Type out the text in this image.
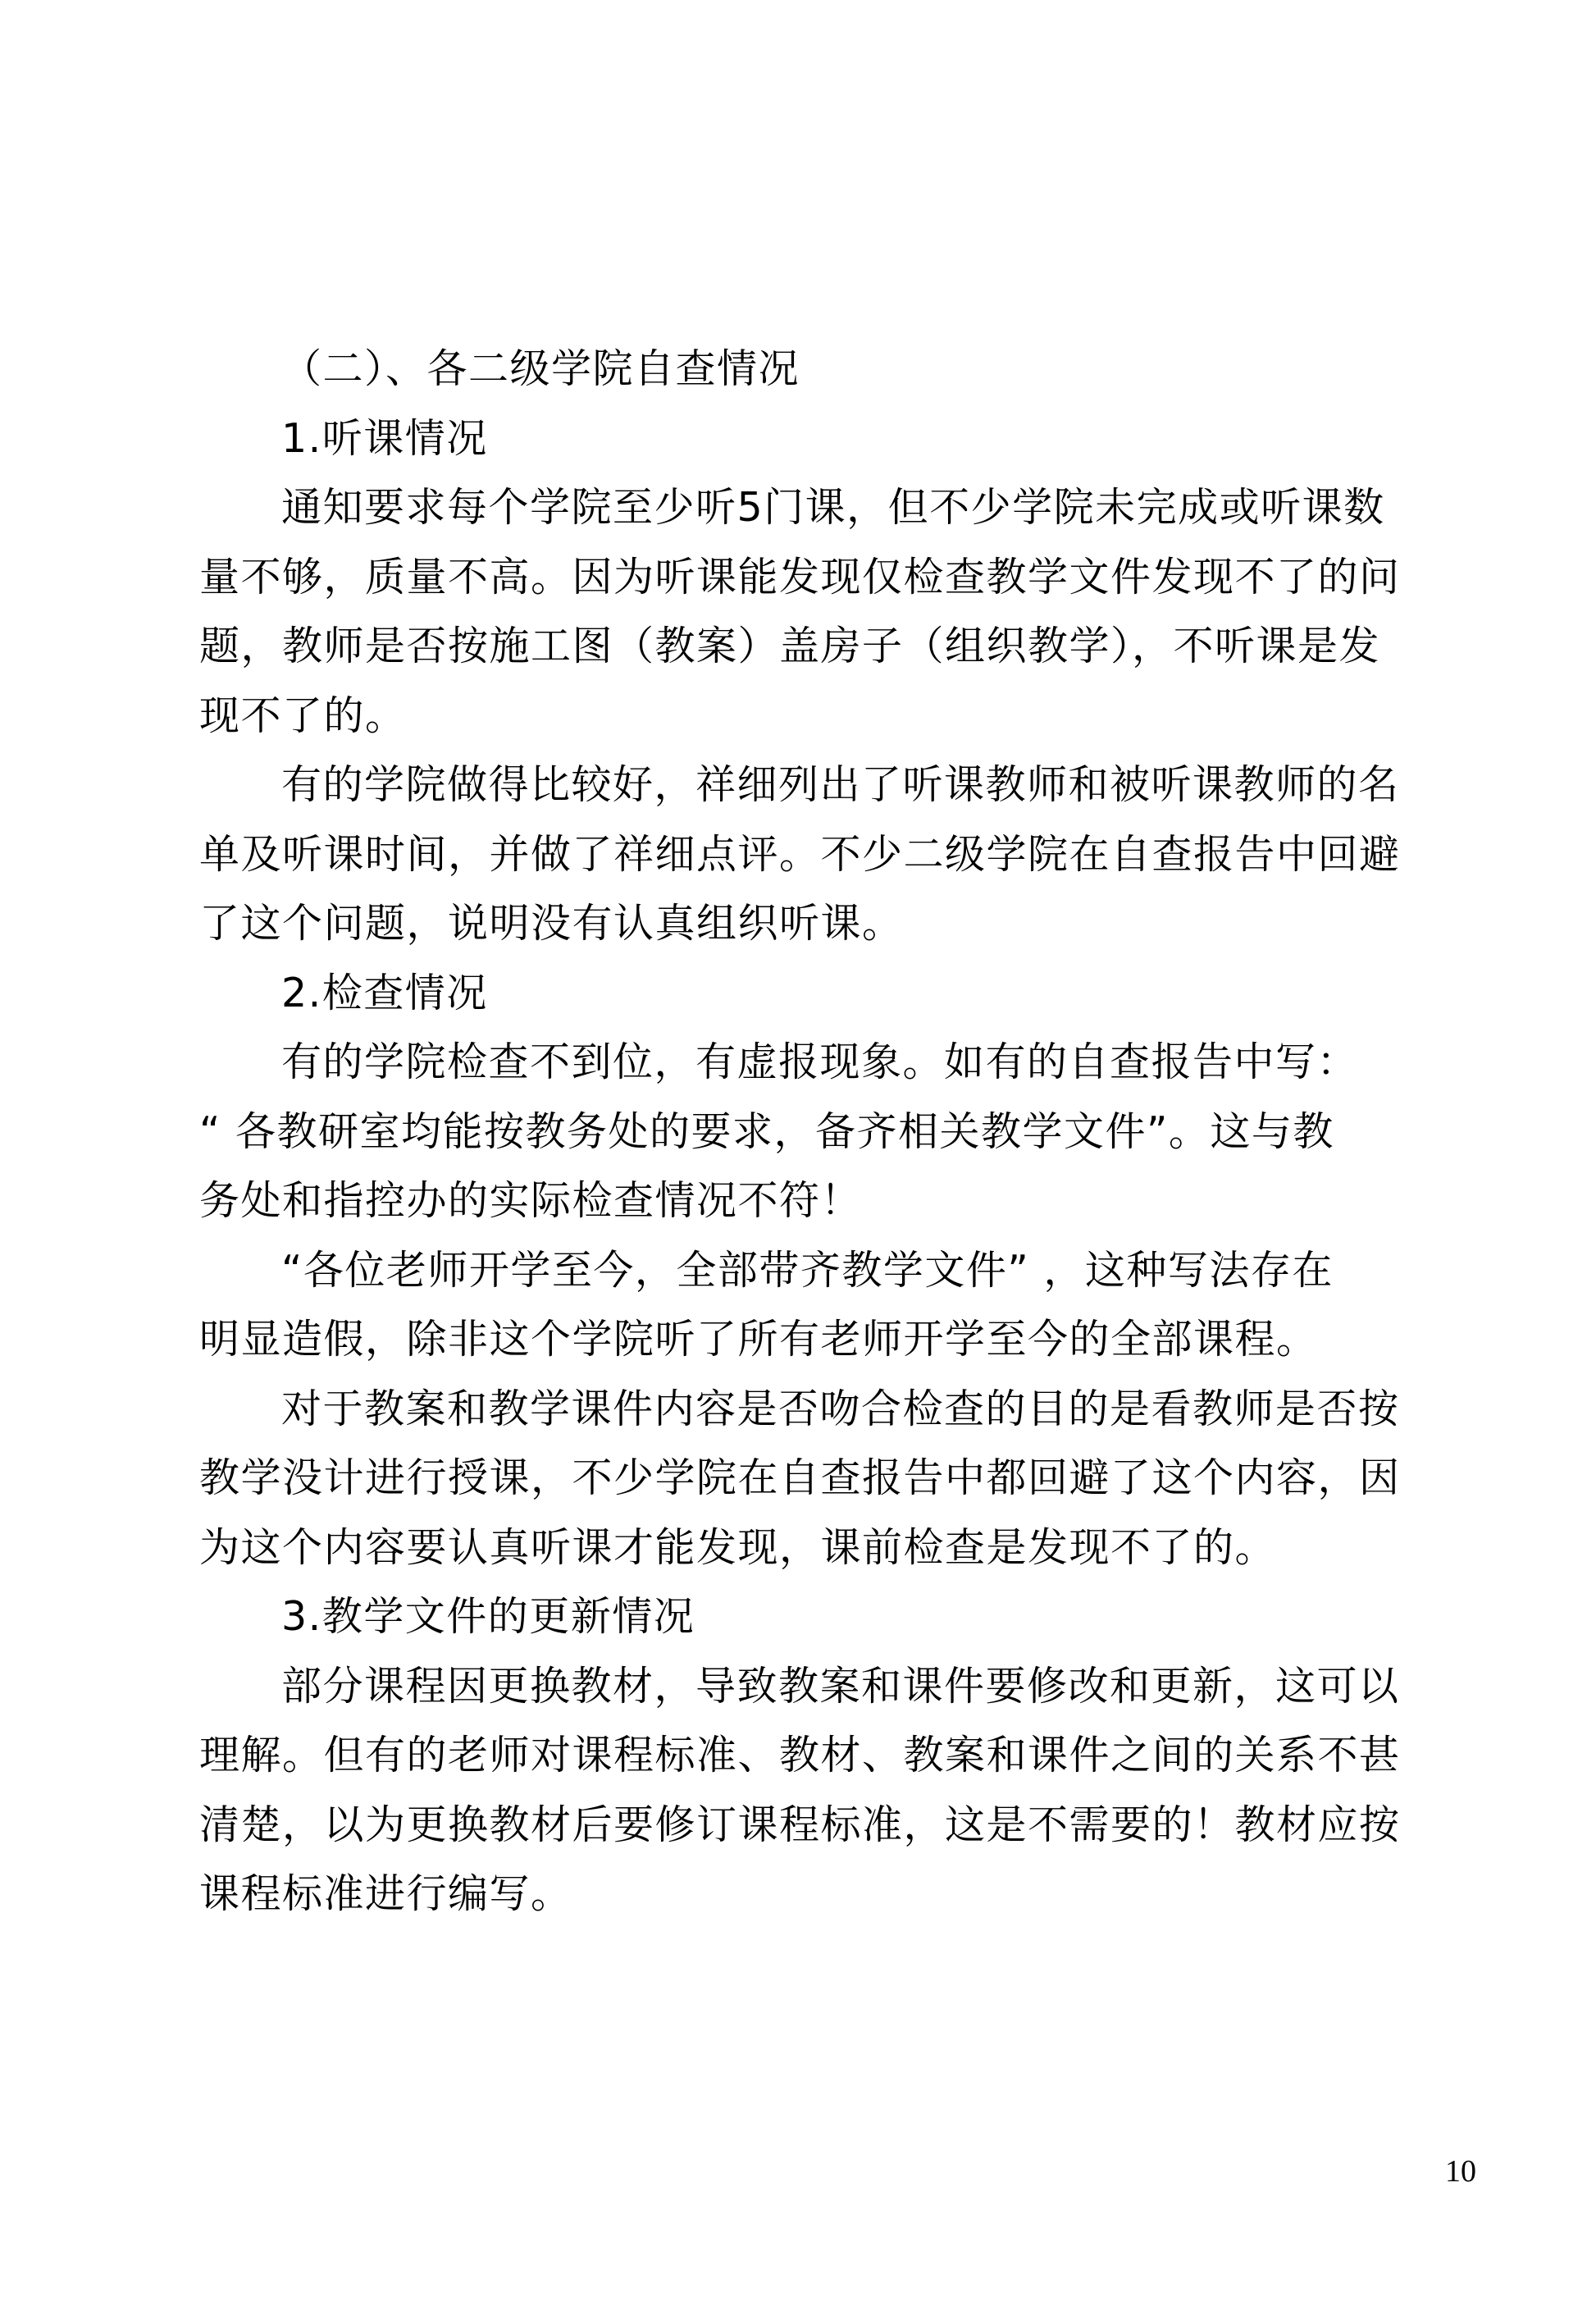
（二）、各二级学院自查情况
1.听课情况
通知要求每个学院至少听5门课，但不少学院未完成或听课数
量不够，质量不高。因为听课能发现仅检查教学文件发现不了的问
题，教师是否按施工图（教案）盖房子（组织教学），不听课是发
现不了的。
有的学院做得比较好，祥细列出了听课教师和被听课教师的名
单及听课时间，并做了祥细点评。不少二级学院在自查报告中回避
了这个问题，说明没有认真组织听课。
2.检查情况
有的学院检查不到位，有虚报现象。如有的自查报告中写：
“ 各教研室均能按教务处的要求，备齐相关教学文件”。这与教
务处和指控办的实际检查情况不符！
“各位老师开学至今，全部带齐教学文件” ，这种写法存在
明显造假，除非这个学院听了所有老师开学至今的全部课程。
对于教案和教学课件内容是否吻合检查的目的是看教师是否按
教学没计进行授课，不少学院在自查报告中都回避了这个内容，因
为这个内容要认真听课才能发现，课前检查是发现不了的。
3.教学文件的更新情况
部分课程因更换教材，导致教案和课件要修改和更新，这可以
理解。但有的老师对课程标准、教材、教案和课件之间的关系不甚
清楚，以为更换教材后要修订课程标准，这是不需要的！教材应按
课程标准进行编写。
10
